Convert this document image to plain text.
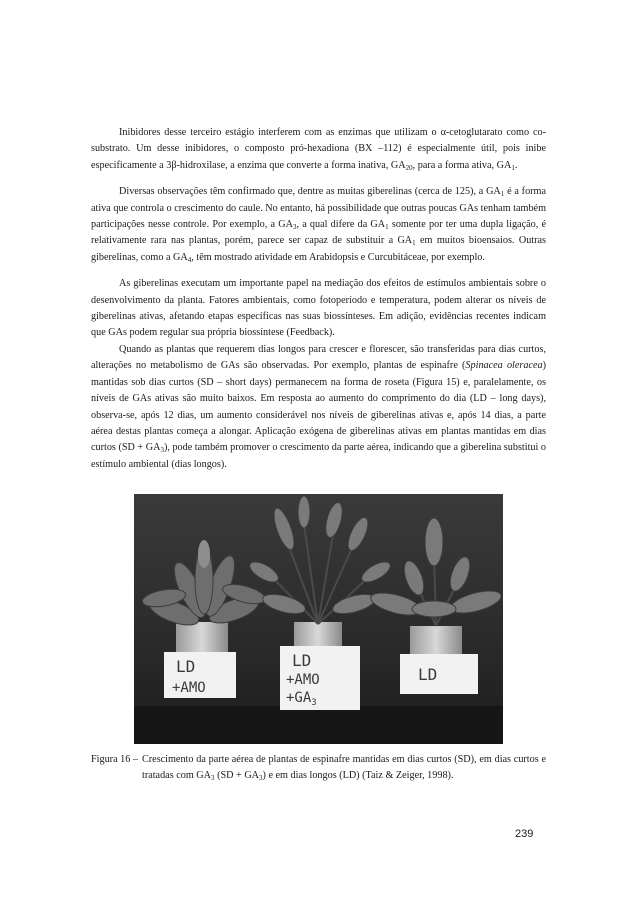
Inibidores desse terceiro estágio interferem com as enzimas que utilizam o α-cetoglutarato como co-substrato. Um desse inibidores, o composto pró-hexadiona (BX –112) é especialmente útil, pois inibe especificamente a 3β-hidroxilase, a enzima que converte a forma inativa, $GA_{20}$, para a forma ativa, $GA_1$.

Diversas observações têm confirmado que, dentre as muitas giberelinas (cerca de 125), a $GA_1$ é a forma ativa que controla o crescimento do caule. No entanto, há possibilidade que outras poucas GAs tenham também participações nesse controle. Por exemplo, a $GA_3$, a qual difere da $GA_1$ somente por ter uma dupla ligação, é relativamente rara nas plantas, porém, parece ser capaz de substituir a $GA_1$ em muitos bioensaios. Outras giberelinas, como a $GA_4$, têm mostrado atividade em Arabidopsis e Curcubitáceae, por exemplo.

As giberelinas executam um importante papel na mediação dos efeitos de estímulos ambientais sobre o desenvolvimento da planta. Fatores ambientais, como fotoperíodo e temperatura, podem alterar os níveis de giberelinas ativas, afetando etapas específicas nas suas biossínteses. Em adição, evidências recentes indicam que GAs podem regular sua própria biossíntese (Feedback).

Quando as plantas que requerem dias longos para crescer e florescer, são transferidas para dias curtos, alterações no metabolismo de GAs são observadas. Por exemplo, plantas de espinafre (Spinacea oleracea) mantidas sob dias curtos (SD – short days) permanecem na forma de roseta (Figura 15) e, paralelamente, os níveis de GAs ativas são muito baixos. Em resposta ao aumento do comprimento do dia (LD – long days), observa-se, após 12 dias, um aumento considerável nos níveis de giberelinas ativas e, após 14 dias, a parte aérea destas plantas começa a alongar. Aplicação exógena de giberelinas ativas em plantas mantidas em dias curtos $(SD + GA_3)$, pode também promover o crescimento da parte aérea, indicando que a giberelina substitui o estímulo ambiental (dias longos).

LD
+AMO
LD
+AMO
$+GA_3$
LD
Figura 16 – Crescimento da parte aérea de plantas de espinafre mantidas em dias curtos (SD), em dias curtos e tratadas com $GA_3$ $(SD + GA_3)$ e em dias longos (LD) (Taiz & Zeiger, 1998).
239
